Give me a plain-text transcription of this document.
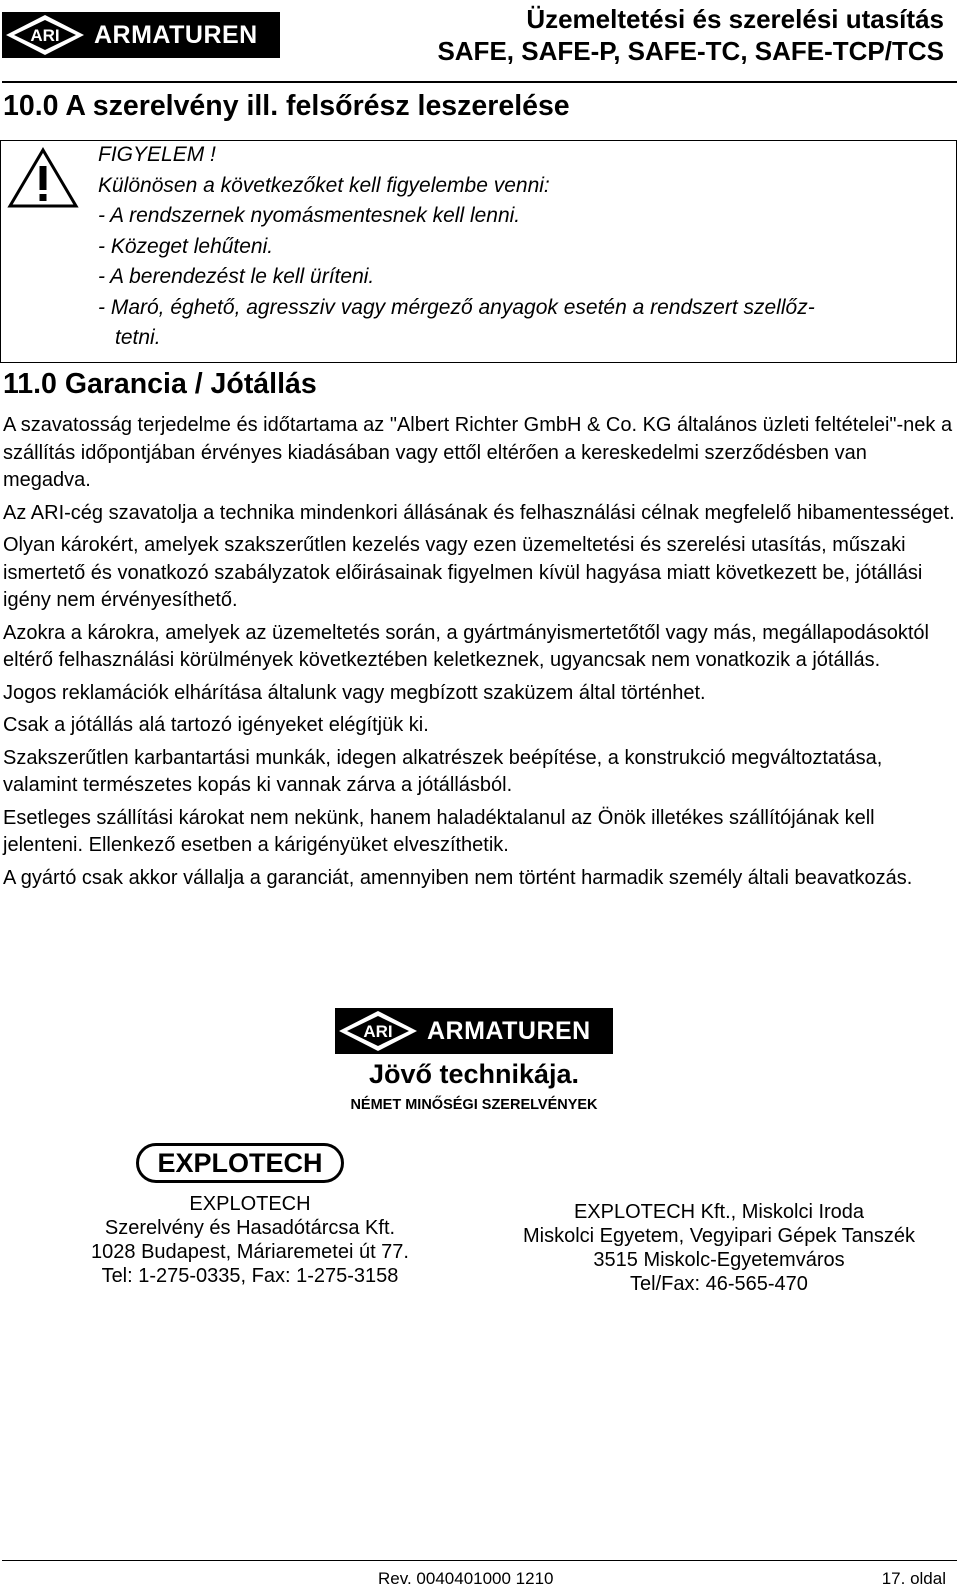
ARI ARMATUREN
Üzemeltetési és szerelési utasítás
SAFE, SAFE-P, SAFE-TC, SAFE-TCP/TCS
10.0 A szerelvény ill. felsőrész leszerelése
FIGYELEM !
Különösen a következőket kell figyelembe venni:
- A rendszernek nyomásmentesnek kell lenni.
- Közeget lehűteni.
- A berendezést le kell üríteni.
- Maró, éghető, agressziv vagy mérgező anyagok esetén a rendszert szellőz-
tetni.
11.0 Garancia / Jótállás

A szavatosság terjedelme és időtartama az "Albert Richter GmbH & Co. KG általános üzleti feltételei"-nek a szállítás időpontjában érvényes kiadásában vagy ettől eltérően a kereskedelmi szerződésben van megadva.

Az ARI-cég szavatolja a technika mindenkori állásának és felhasználási célnak megfelelő hibamentességet.

Olyan károkért, amelyek szakszerűtlen kezelés vagy ezen üzemeltetési és szerelési utasítás, műszaki ismertető és vonatkozó szabályzatok előirásainak figyelmen kívül hagyása miatt következett be, jótállási igény nem érvényesíthető.

Azokra a károkra, amelyek az üzemeltetés során, a gyártmányismertetőtől vagy más, megállapodásoktól eltérő felhasználási körülmények következtében keletkeznek, ugyancsak nem vonatkozik a jótállás.

Jogos reklamációk elhárítása általunk vagy megbízott szaküzem által történhet.

Csak a jótállás alá tartozó igényeket elégítjük ki.

Szakszerűtlen karbantartási munkák, idegen alkatrészek beépítése, a konstrukció megváltoztatása, valamint természetes kopás ki vannak zárva a jótállásból.

Esetleges szállítási károkat nem nekünk, hanem haladéktalanul az Önök illetékes szállítójának kell jelenteni. Ellenkező esetben a kárigényüket elveszíthetik.

A gyártó csak akkor vállalja a garanciát, amennyiben nem történt harmadik személy általi beavatkozás.

ARI ARMATUREN
Jövő technikája.
NÉMET MINŐSÉGI SZERELVÉNYEK
EXPLOTECH
EXPLOTECH
Szerelvény és Hasadótárcsa Kft.
1028 Budapest, Máriaremetei út 77.
Tel: 1-275-0335, Fax: 1-275-3158
EXPLOTECH Kft., Miskolci Iroda
Miskolci Egyetem, Vegyipari Gépek Tanszék
3515 Miskolc-Egyetemváros
Tel/Fax: 46-565-470
Rev. 0040401000 1210	17. oldal
